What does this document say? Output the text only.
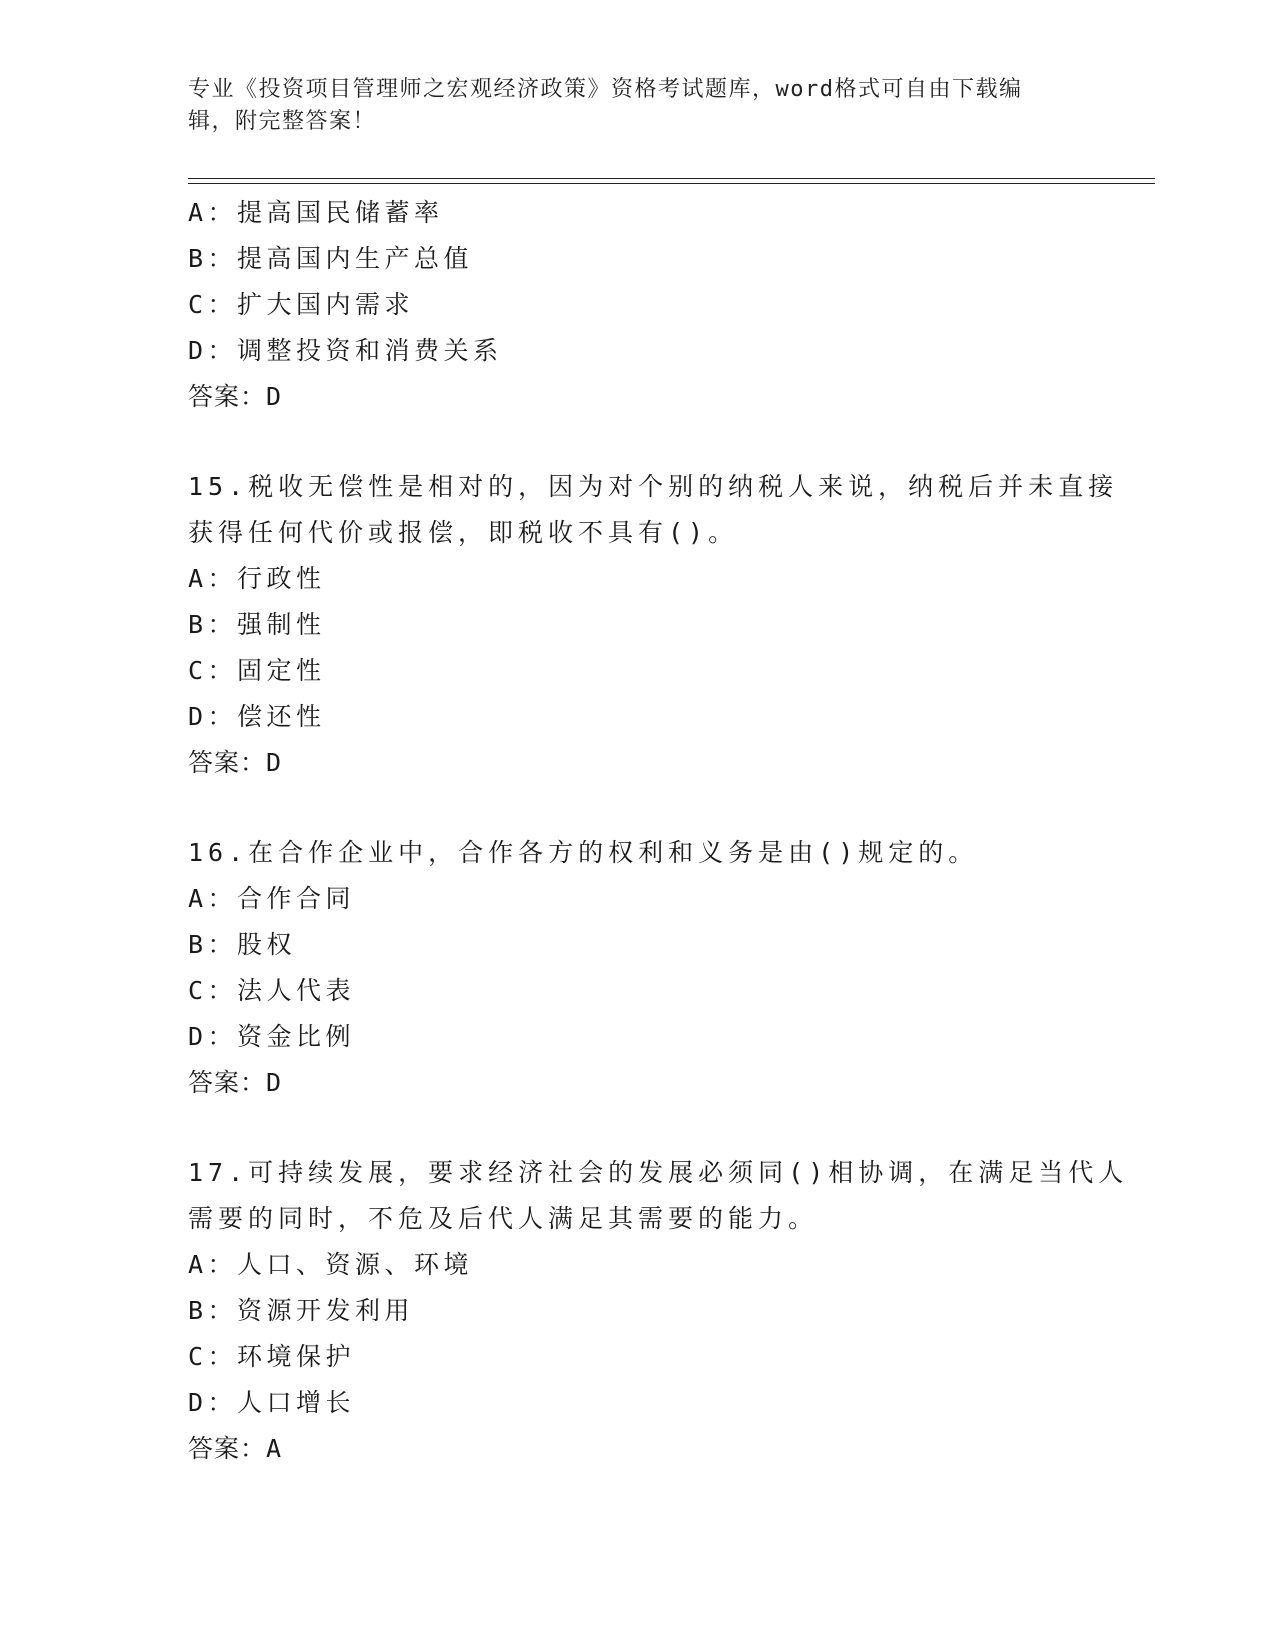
专业《投资项目管理师之宏观经济政策》资格考试题库，word格式可自由下载编辑，附完整答案！
A：提高国民储蓄率
B：提高国内生产总值
C：扩大国内需求
D：调整投资和消费关系
答案：D
15.税收无偿性是相对的，因为对个别的纳税人来说，纳税后并未直接
获得任何代价或报偿，即税收不具有()。
A：行政性
B：强制性
C：固定性
D：偿还性
答案：D
16.在合作企业中，合作各方的权利和义务是由()规定的。
A：合作合同
B：股权
C：法人代表
D：资金比例
答案：D
17.可持续发展，要求经济社会的发展必须同()相协调，在满足当代人
需要的同时，不危及后代人满足其需要的能力。
A：人口、资源、环境
B：资源开发利用
C：环境保护
D：人口增长
答案：A
